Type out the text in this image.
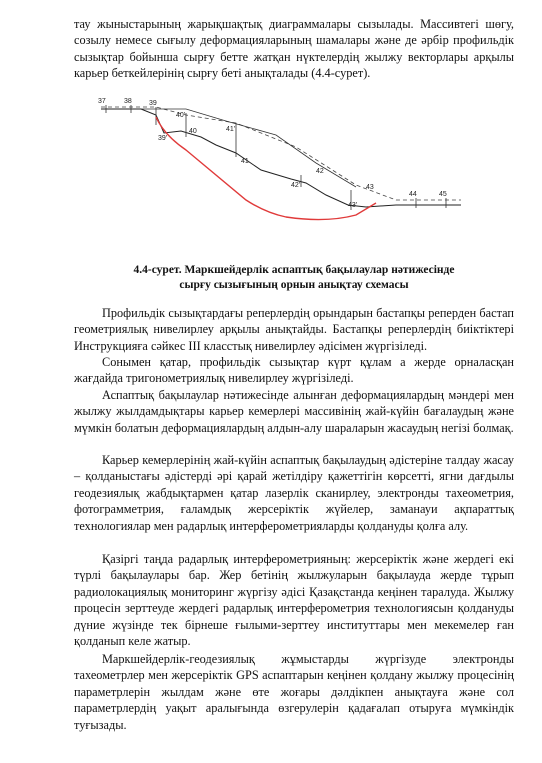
тау жыныстарының жарықшақтық диаграммалары сызылады. Массивтегі шөгу, созылу немесе сығылу деформацияларының шамалары және де әрбір профильдік сызықтар бойынша сырғу бетте жатқан нүктелердің жылжу векторлары арқылы карьер беткейлерінің сырғу беті анықталады (4.4-сурет).

37	38 39
40
39'
40'
41'
41
42
42'	43
43'
44	45
4.4-сурет. Маркшейдерлік аспаптық бақылаулар нәтижесінде
сырғу сызығының орнын анықтау схемасы

Профильдік сызықтардағы реперлердің орындарын бастапқы реперден бастап геометриялық нивелирлеу арқылы анықтайды. Бастапқы реперлердің биіктіктері Инструкцияға сәйкес III класстық нивелирлеу әдісімен жүргізіледі.

Сонымен қатар, профильдік сызықтар күрт құлам а жерде орналасқан жағдайда тригонометриялық нивелирлеу жүргізіледі.

Аспаптық бақылаулар нәтижесінде алынған деформациялардың мәндері мен жылжу жылдамдықтары карьер кемерлері массивінің жай-күйін бағалаудың және мүмкін болатын деформациялардың алдын-алу шараларын жасаудың негізі болмақ.

Карьер кемерлерінің жай-күйін аспаптық бақылаудың әдістеріне талдау жасау – қолданыстағы әдістерді әрі қарай жетілдіру қажеттігін көрсетті, ягни дағдылы геодезиялық жабдықтармен қатар лазерлік сканирлеу, электронды тахеометрия, фотограмметрия, ғаламдық жерсеріктік жүйелер, заманауи ақпараттық технологиялар мен радарлық интерферометрияларды қолдануды қолға алу.

Қазіргі таңда радарлық интерферометрияның: жерсеріктік және жердегі екі түрлі бақылаулары бар. Жер бетінің жылжуларын бақылауда жерде тұрып радиолокациялық мониторинг жүргізу әдісі Қазақстанда кеңінен таралуда. Жылжу процесін зерттеуде жердегі радарлық интерферометрия технологиясын қолдануды дүние жүзінде тек бірнеше ғылыми-зерттеу институттары мен мекемелер ған қолданып келе жатыр.

Маркшейдерлік-геодезиялық жұмыстарды жүргізуде электронды тахеометрлер мен жерсеріктік GPS аспаптарын кеңінен қолдану жылжу процесінің параметрлерін жылдам және өте жоғары дәлдікпен анықтауға және сол параметрлердің уақыт аралығында өзгерулерін қадағалап отыруға мүмкіндік туғызады.
